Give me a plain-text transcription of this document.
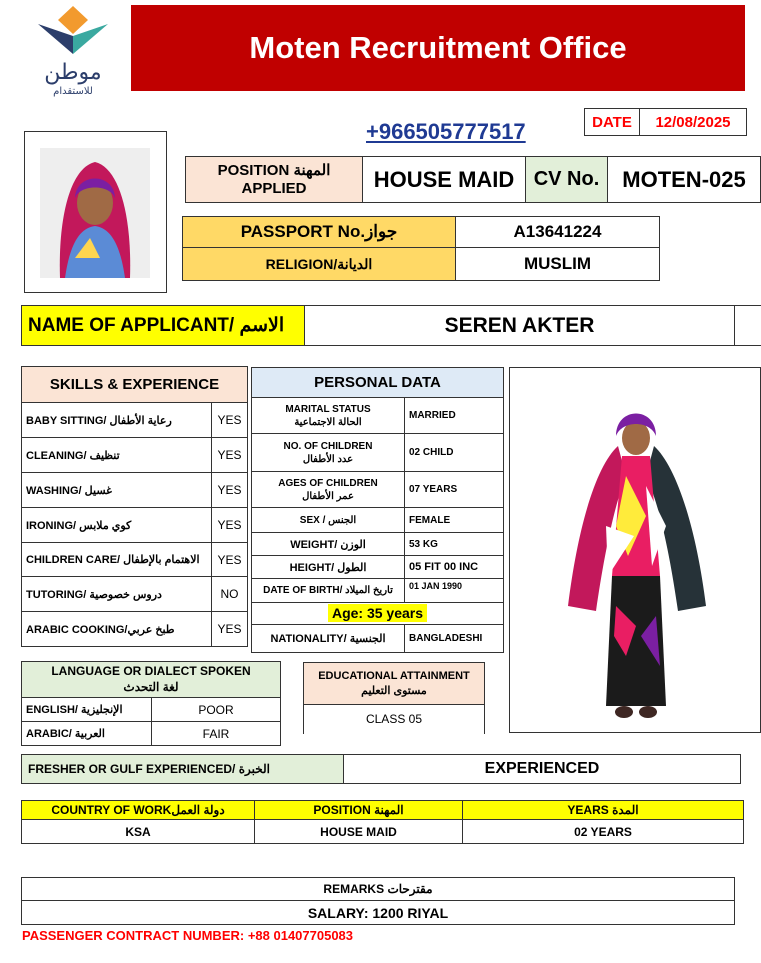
موطن
للاستقدام
Moten Recruitment Office
+966505777517	DATE	12/08/2025
POSITION المهنة APPLIED	HOUSE MAID CV No.	MOTEN-025
PASSPORT No.جواز	A13641224
RELIGION/الديانة	MUSLIM
NAME OF APPLICANT/ الاسم	SEREN AKTER
SKILLS & EXPERIENCE	
BABY SITTING/ رعاية الأطفال	YES
CLEANING/ تنظيف	YES
WASHING/ غسيل	YES
IRONING/ كوي ملابس	YES
CHILDREN CARE/ الاهتمام بالإطفال	YES
TUTORING/ دروس خصوصية	NO
ARABIC COOKING/طبخ عربي	YES
PERSONAL DATA	

MARITAL STATUS
الحالة الاجتماعية	MARRIED

NO. OF CHILDREN
عدد الأطفال	02 CHILD

AGES OF CHILDREN
عمر الأطفال	07 YEARS
SEX / الجنس	FEMALE
WEIGHT/ الوزن	53 KG
HEIGHT/ الطول	05 FIT 00 INC
DATE OF BIRTH/ تاريخ الميلاد	01 JAN 1990
Age: 35 years	
NATIONALITY/ الجنسية	BANGLADESHI
LANGUAGE OR DIALECT SPOKEN
لغة التحدث	

ENGLISH/ الإنجليزية	POOR
ARABIC/ العربية	FAIR
EDUCATIONAL ATTAINMENT
مستوى التعليم
CLASS 05
FRESHER OR GULF EXPERIENCED/ الخبرة	EXPERIENCED
COUNTRY OF WORKدولة العمل	POSITION المهنة	YEARS المدة
KSA	HOUSE MAID	02 YEARS
REMARKS مقترحات
SALARY: 1200 RIYAL
PASSENGER CONTRACT NUMBER: +88 01407705083
